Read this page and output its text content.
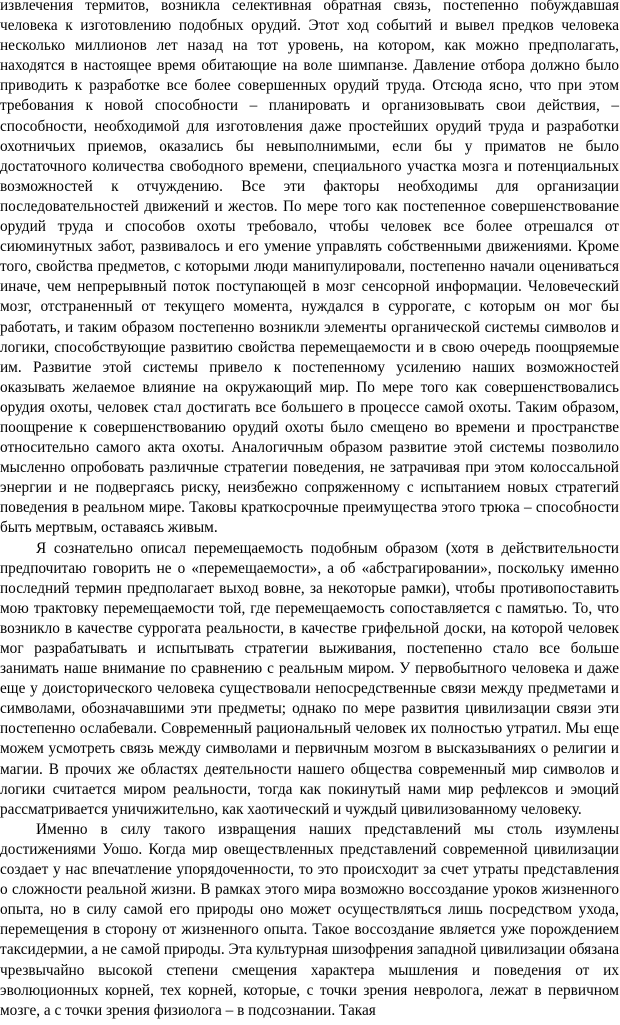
извлечения термитов, возникла селективная обратная связь, постепенно побуждавшая человека к изготовлению подобных орудий. Этот ход событий и вывел предков человека несколько миллионов лет назад на тот уровень, на котором, как можно предполагать, находятся в настоящее время обитающие на воле шимпанзе. Давление отбора должно было приводить к разработке все более совершенных орудий труда. Отсюда ясно, что при этом требования к новой способности – планировать и организовывать свои действия, – способности, необходимой для изготовления даже простейших орудий труда и разработки охотничьих приемов, оказались бы невыполнимыми, если бы у приматов не было достаточного количества свободного времени, специального участка мозга и потенциальных возможностей к отчуждению. Все эти факторы необходимы для организации последовательностей движений и жестов. По мере того как постепенное совершенствование орудий труда и способов охоты требовало, чтобы человек все более отрешался от сиюминутных забот, развивалось и его умение управлять собственными движениями. Кроме того, свойства предметов, с которыми люди манипулировали, постепенно начали оцениваться иначе, чем непрерывный поток поступающей в мозг сенсорной информации. Человеческий мозг, отстраненный от текущего момента, нуждался в суррогате, с которым он мог бы работать, и таким образом постепенно возникли элементы органической системы символов и логики, способствующие развитию свойства перемещаемости и в свою очередь поощряемые им. Развитие этой системы привело к постепенному усилению наших возможностей оказывать желаемое влияние на окружающий мир. По мере того как совершенствовались орудия охоты, человек стал достигать все большего в процессе самой охоты. Таким образом, поощрение к совершенствованию орудий охоты было смещено во времени и пространстве относительно самого акта охоты. Аналогичным образом развитие этой системы позволило мысленно опробовать различные стратегии поведения, не затрачивая при этом колоссальной энергии и не подвергаясь риску, неизбежно сопряженному с испытанием новых стратегий поведения в реальном мире. Таковы краткосрочные преимущества этого трюка – способности быть мертвым, оставаясь живым.

Я сознательно описал перемещаемость подобным образом (хотя в действительности предпочитаю говорить не о «перемещаемости», а об «абстрагировании», поскольку именно последний термин предполагает выход вовне, за некоторые рамки), чтобы противопоставить мою трактовку перемещаемости той, где перемещаемость сопоставляется с памятью. То, что возникло в качестве суррогата реальности, в качестве грифельной доски, на которой человек мог разрабатывать и испытывать стратегии выживания, постепенно стало все больше занимать наше внимание по сравнению с реальным миром. У первобытного человека и даже еще у доисторического человека существовали непосредственные связи между предметами и символами, обозначавшими эти предметы; однако по мере развития цивилизации связи эти постепенно ослабевали. Современный рациональный человек их полностью утратил. Мы еще можем усмотреть связь между символами и первичным мозгом в высказываниях о религии и магии. В прочих же областях деятельности нашего общества современный мир символов и логики считается миром реальности, тогда как покинутый нами мир рефлексов и эмоций рассматривается уничижительно, как хаотический и чуждый цивилизованному человеку.

Именно в силу такого извращения наших представлений мы столь изумлены достижениями Уошо. Когда мир овеществленных представлений современной цивилизации создает у нас впечатление упорядоченности, то это происходит за счет утраты представления о сложности реальной жизни. В рамках этого мира возможно воссоздание уроков жизненного опыта, но в силу самой его природы оно может осуществляться лишь посредством ухода, перемещения в сторону от жизненного опыта. Такое воссоздание является уже порождением таксидермии, а не самой природы. Эта культурная шизофрения западной цивилизации обязана чрезвычайно высокой степени смещения характера мышления и поведения от их эволюционных корней, тех корней, которые, с точки зрения невролога, лежат в первичном мозге, а с точки зрения физиолога – в подсознании. Такая
